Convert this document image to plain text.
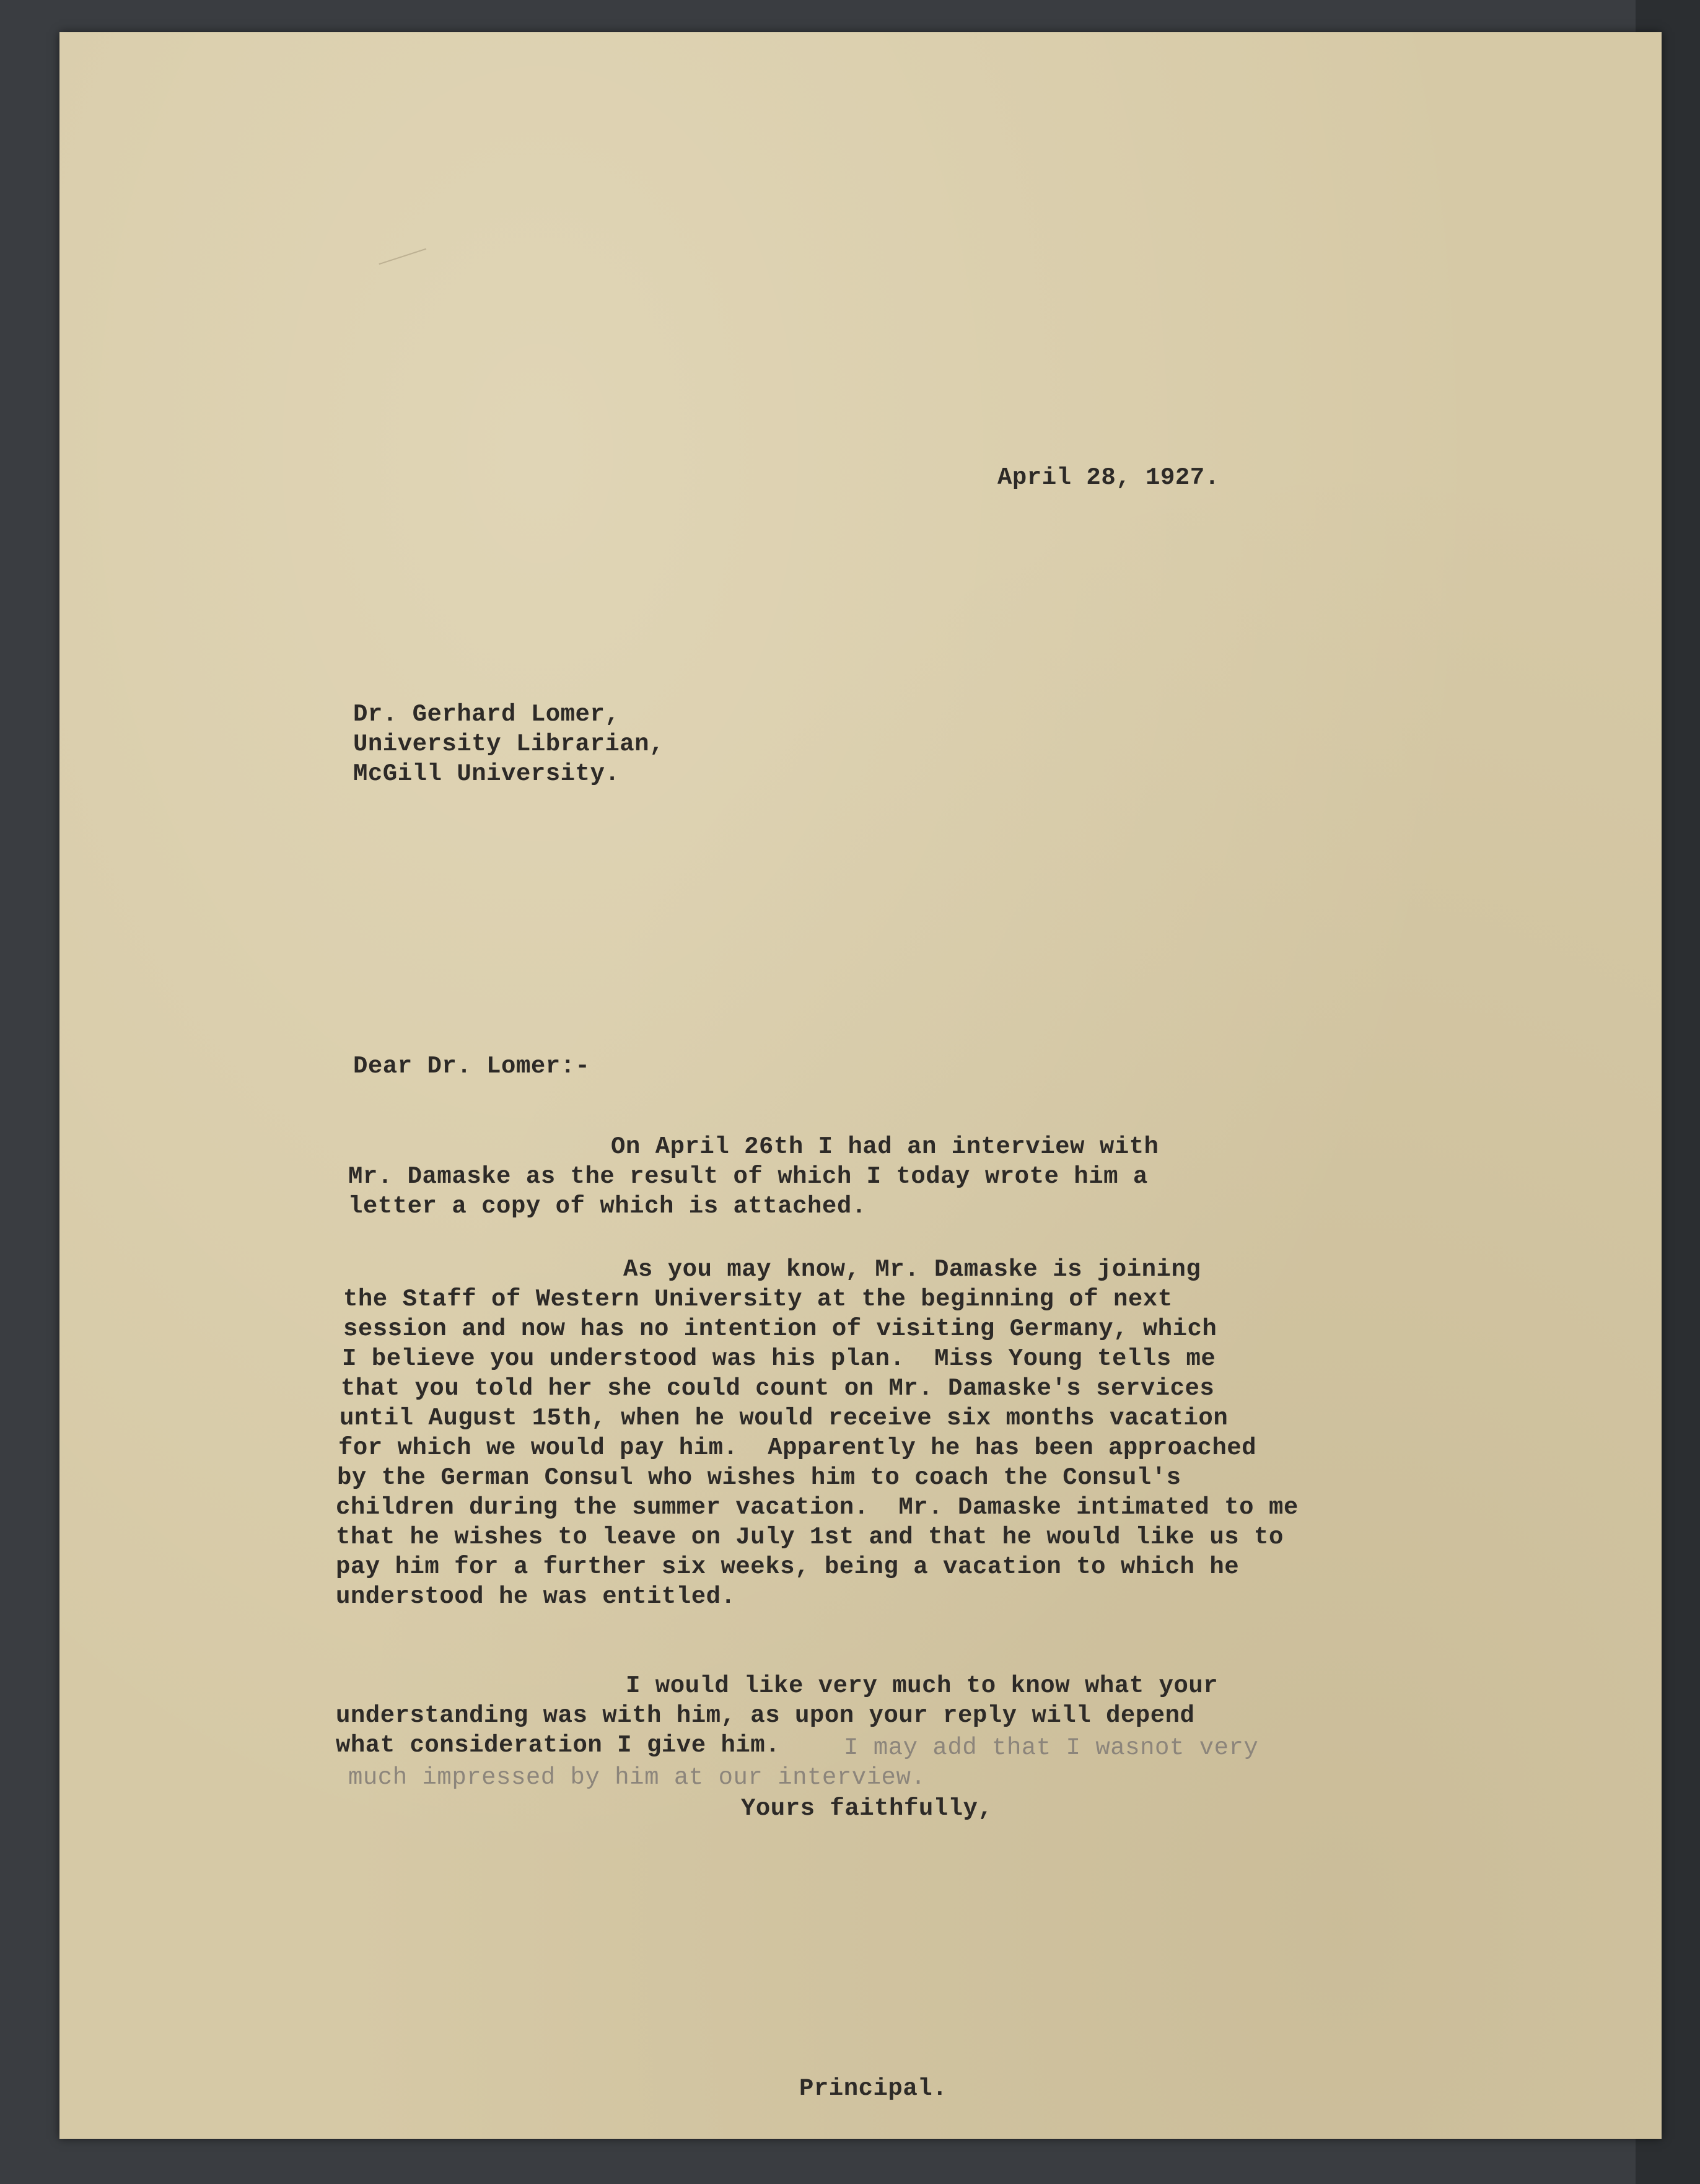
April 28, 1927.
Dr. Gerhard Lomer,
University Librarian,
McGill University.
Dear Dr. Lomer:-
On April 26th I had an interview with
Mr. Damaske as the result of which I today wrote him a
letter a copy of which is attached.
As you may know, Mr. Damaske is joining
the Staff of Western University at the beginning of next
session and now has no intention of visiting Germany, which
I believe you understood was his plan.  Miss Young tells me
that you told her she could count on Mr. Damaske's services
until August 15th, when he would receive six months vacation
for which we would pay him.  Apparently he has been approached
by the German Consul who wishes him to coach the Consul's
children during the summer vacation.  Mr. Damaske intimated to me
that he wishes to leave on July 1st and that he would like us to
pay him for a further six weeks, being a vacation to which he
understood he was entitled.
I would like very much to know what your
understanding was with him, as upon your reply will depend
what consideration I give him.	I may add that I wasnot very
much impressed by him at our interview.
Yours faithfully,
Principal.
